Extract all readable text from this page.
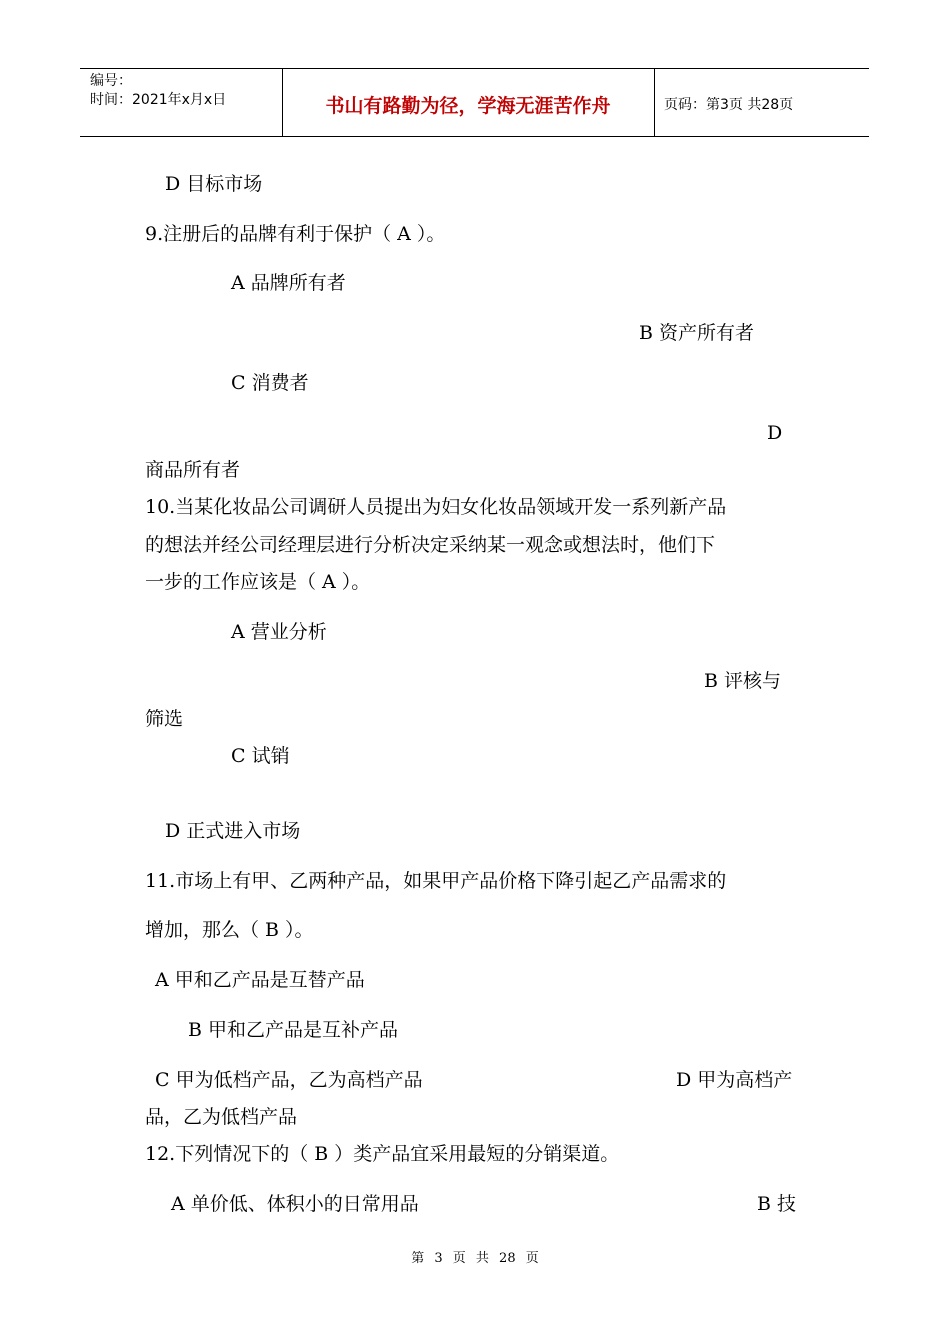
编号：
时间：2021年x月x日	书山有路勤为径，学海无涯苦作舟	页码：第3页 共28页
D 目标市场
9.注册后的品牌有利于保护（ A ）。
A 品牌所有者
B 资产所有者
C 消费者
D
商品所有者
10.当某化妆品公司调研人员提出为妇女化妆品领域开发一系列新产品
的想法并经公司经理层进行分析决定采纳某一观念或想法时，他们下
一步的工作应该是（ A ）。
A 营业分析
B 评核与
筛选
C 试销
D 正式进入市场
11.市场上有甲、乙两种产品，如果甲产品价格下降引起乙产品需求的
增加，那么（ B ）。
A 甲和乙产品是互替产品
B 甲和乙产品是互补产品
C 甲为低档产品，乙为高档产品	D 甲为高档产
品，乙为低档产品
12.下列情况下的（ B ）类产品宜采用最短的分销渠道。
A 单价低、体积小的日常用品	B 技
第 3 页 共 28 页
